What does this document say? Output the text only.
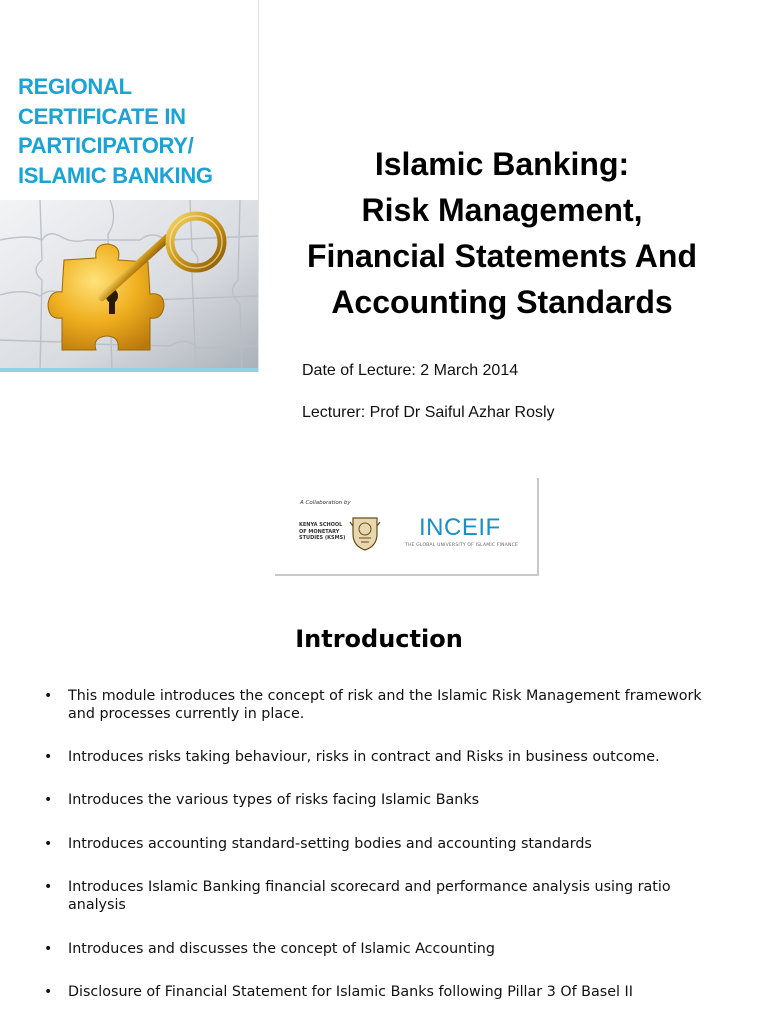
REGIONAL
CERTIFICATE IN
PARTICIPATORY/
ISLAMIC BANKING	Islamic Banking:
Risk Management,
Financial Statements And
Accounting Standards
Date of Lecture: 2 March 2014
Lecturer: Prof Dr Saiful Azhar Rosly
A Collaboration by
KENYA SCHOOL
OF MONETARY
STUDIES (KSMS)	INCEIF
THE GLOBAL UNIVERSITY OF ISLAMIC FINANCE
Introduction
• This module introduces the concept of risk and the Islamic Risk Management framework and processes currently in place.
• Introduces risks taking behaviour, risks in contract and Risks in business outcome.
• Introduces the various types of risks facing Islamic Banks
• Introduces accounting standard-setting bodies and accounting standards
• Introduces Islamic Banking financial scorecard and performance analysis using ratio analysis
• Introduces and discusses the concept of Islamic Accounting
• Disclosure of Financial Statement for Islamic Banks following Pillar 3 Of Basel II
